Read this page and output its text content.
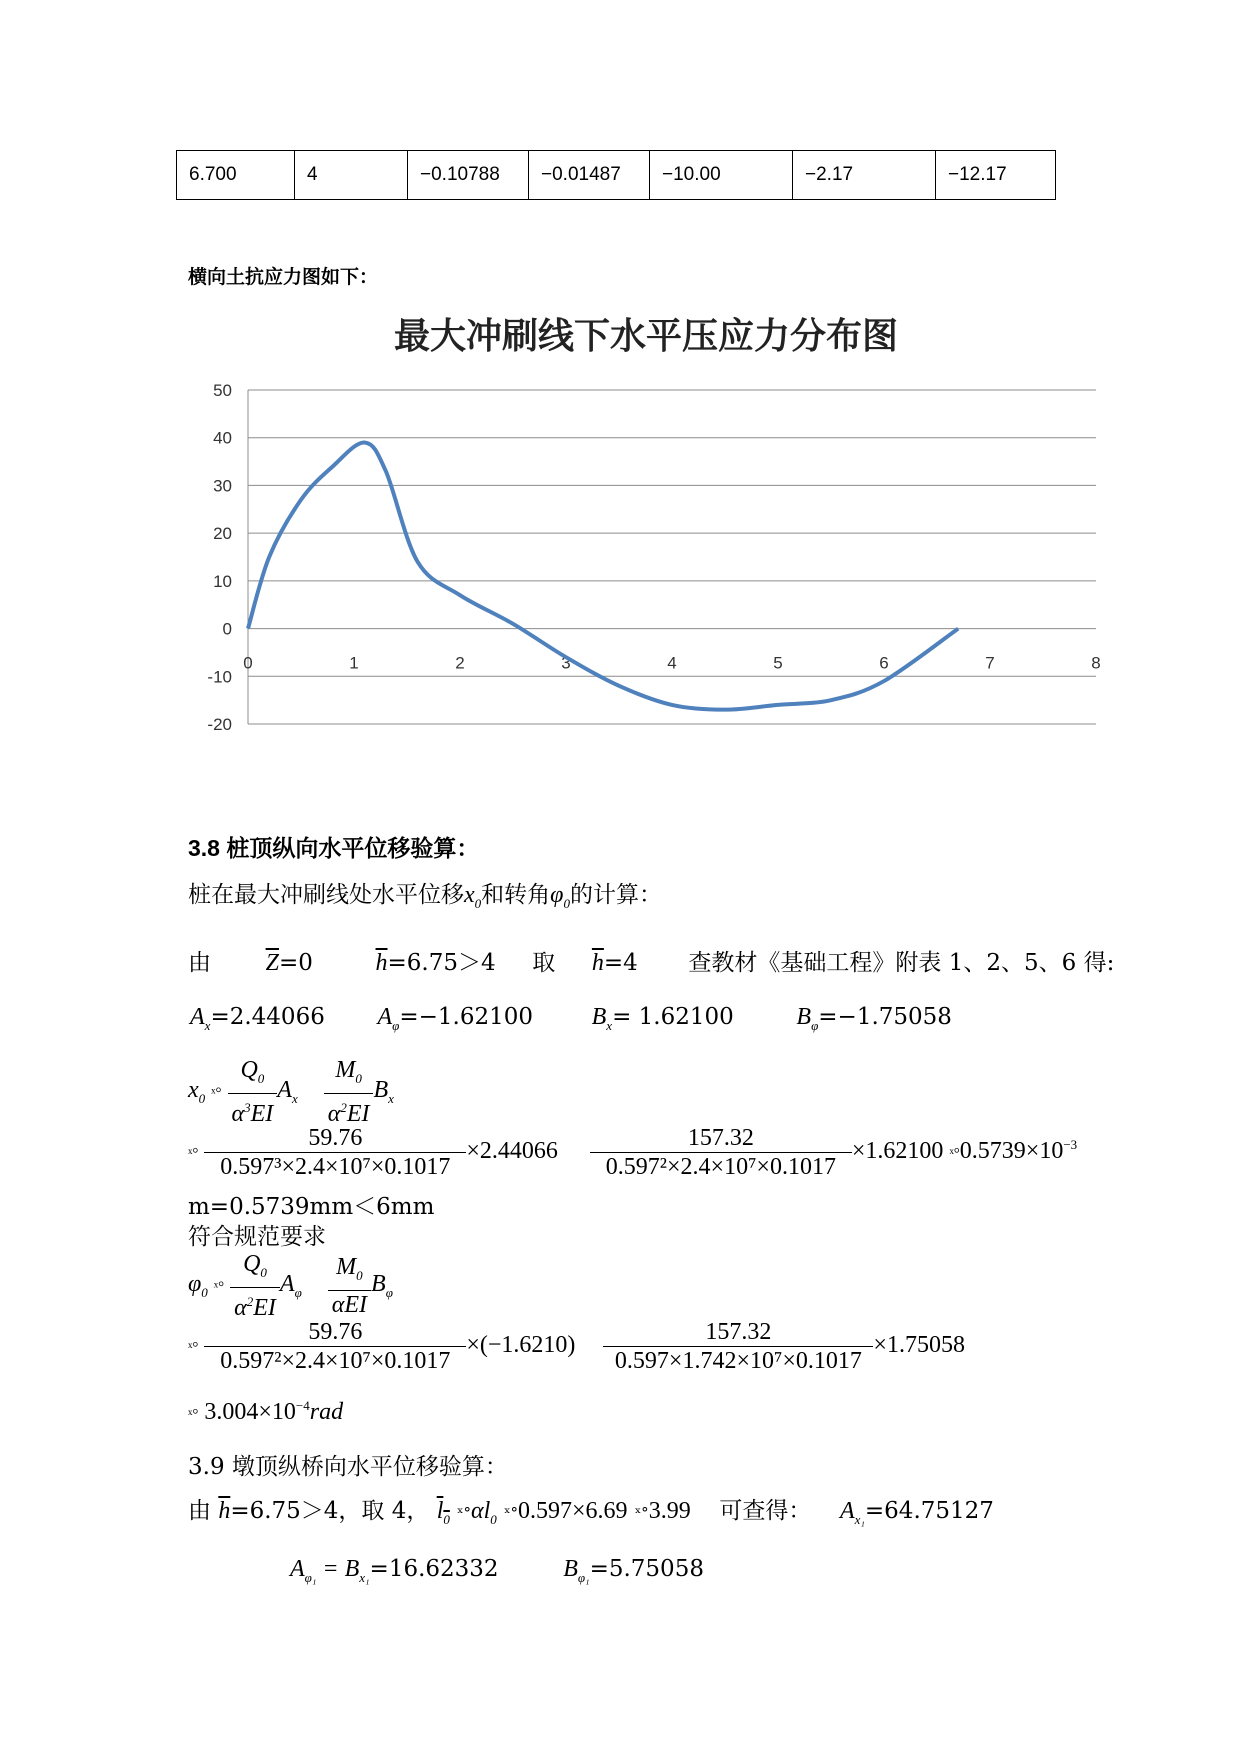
6.700	4	−0.10788	−0.01487	−10.00	−2.17	−12.17
横向土抗应力图如下：
最大冲刷线下水平压应力分布图
50
40
30
20
10
0
-10
-20
0	1	2	3	4	5	6	7	8
3.8 桩顶纵向水平位移验算：
桩在最大冲刷线处水平位移$x_0$和转角$\varphi_0$的计算：
由 $\overline{Z}=0$	$\overline{h}=6.75>4$ 取 $\overline{h}=4$ 查教材《基础工程》附表 1、2、5、6 得:
$A_x=2.44066$ $A_\varphi=-1.62100$ $B_x= 1.62100$	$B_\varphi=-1.75058$
$x_0$ ˣ° $\frac{Q_0}{\alpha^3EI} A_x \frac{M_0}{\alpha^2EI} B_x$
ˣ° $\frac{59.76}{\text{0.597³×2.4×10⁷×0.1017}} \times 2.44066 \frac{157.32}{\text{0.597²×2.4×10⁷×0.1017}} \times 1.62100$ $ˣ^\circ 0.5739\times 10^{-3}$
m=0.5739mm＜6mm
符合规范要求
$\varphi_0$ ˣ° $\frac{Q_0}{\alpha^2EI} A_\varphi \frac{M_0}{\text{αEI}} B_\varphi$
ˣ° $\frac{59.76}{\text{0.597²×2.4×10⁷×0.1017}} \times(-1.6210) \frac{157.32}{\text{0.597×1.742×10⁷×0.1017}} \times 1.75058$
ˣ° $3.004\times 10^{-4}rad$
3.9 墩顶纵桥向水平位移验算：
由 $\overline{h}=6.75>4$，取 4， $l_0$ $ˣ^\circ\alpha l_0$ ˣ°0.597×6.69 ˣ°3.99 可查得： $A_{x_1}=64.75127$
$A_{\varphi_1} = B_{x_1}=16.62332$	$B_{\varphi_1}=5.75058$
